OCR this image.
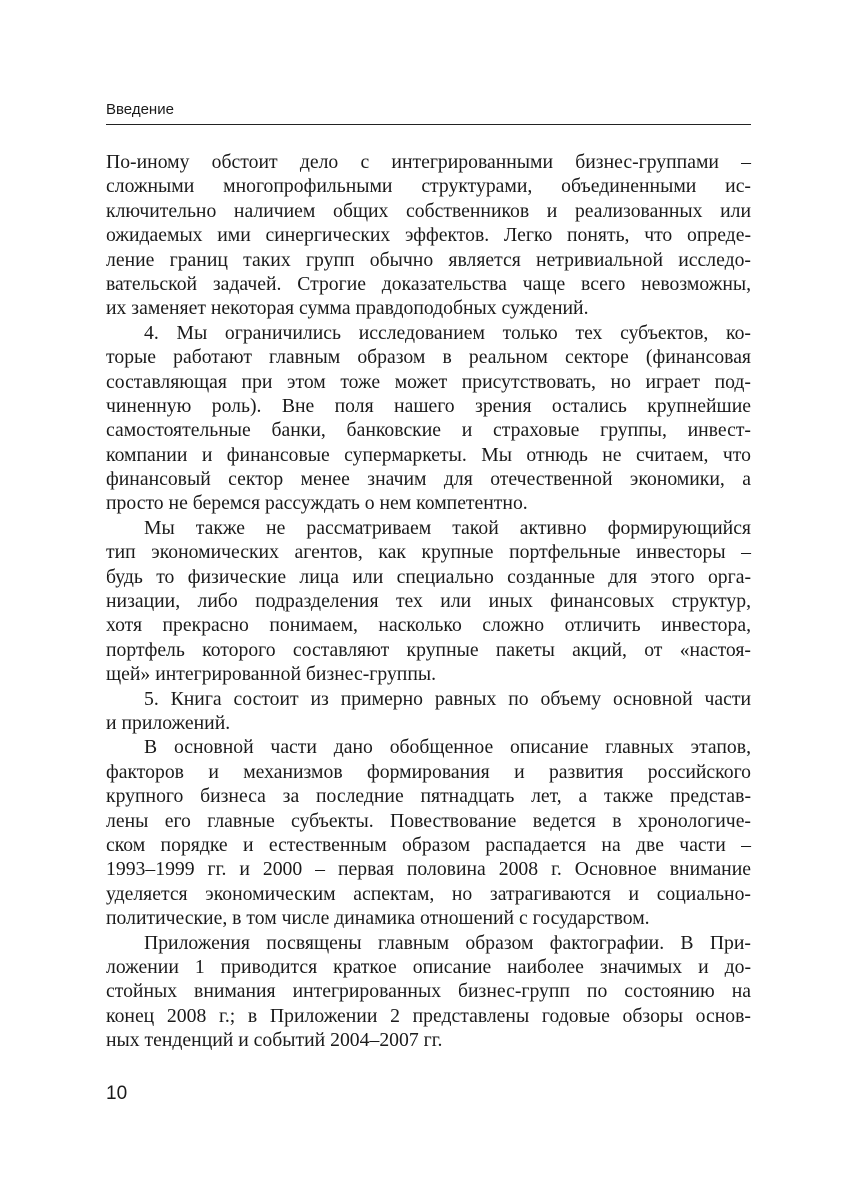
Введение

По-иному обстоит дело с интегрированными бизнес-группами –
сложными многопрофильными структурами, объединенными ис-
ключительно наличием общих собственников и реализованных или
ожидаемых ими синергических эффектов. Легко понять, что опреде-
ление границ таких групп обычно является нетривиальной исследо-
вательской задачей. Строгие доказательства чаще всего невозможны,
их заменяет некоторая сумма правдоподобных суждений.

4. Мы ограничились исследованием только тех субъектов, ко-
торые работают главным образом в реальном секторе (финансовая
составляющая при этом тоже может присутствовать, но играет под-
чиненную роль). Вне поля нашего зрения остались крупнейшие
самостоятельные банки, банковские и страховые группы, инвест-
компании и финансовые супермаркеты. Мы отнюдь не считаем, что
финансовый сектор менее значим для отечественной экономики, а
просто не беремся рассуждать о нем компетентно.

Мы также не рассматриваем такой активно формирующийся
тип экономических агентов, как крупные портфельные инвесторы –
будь то физические лица или специально созданные для этого орга-
низации, либо подразделения тех или иных финансовых структур,
хотя прекрасно понимаем, насколько сложно отличить инвестора,
портфель которого составляют крупные пакеты акций, от «настоя-
щей» интегрированной бизнес-группы.

5. Книга состоит из примерно равных по объему основной части
и приложений.

В основной части дано обобщенное описание главных этапов,
факторов и механизмов формирования и развития российского
крупного бизнеса за последние пятнадцать лет, а также представ-
лены его главные субъекты. Повествование ведется в хронологиче-
ском порядке и естественным образом распадается на две части –
1993–1999 гг. и 2000 – первая половина 2008 г. Основное внимание
уделяется экономическим аспектам, но затрагиваются и социально-
политические, в том числе динамика отношений с государством.

Приложения посвящены главным образом фактографии. В При-
ложении 1 приводится краткое описание наиболее значимых и до-
стойных внимания интегрированных бизнес-групп по состоянию на
конец 2008 г.; в Приложении 2 представлены годовые обзоры основ-
ных тенденций и событий 2004–2007 гг.

10
